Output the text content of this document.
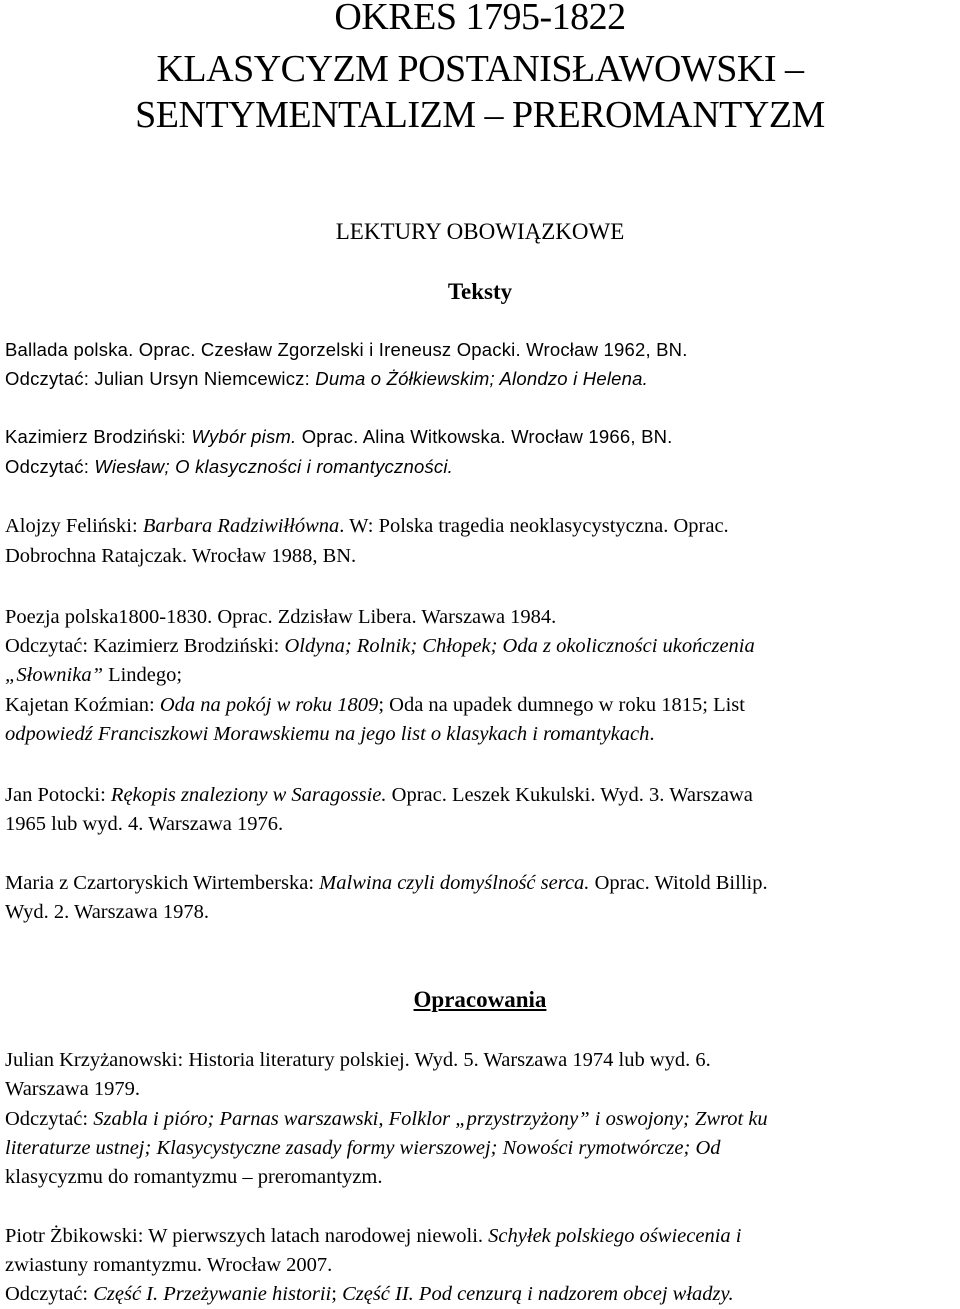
OKRES 1795-1822
KLASYCYZM POSTANISŁAWOWSKI –
SENTYMENTALIZM – PREROMANTYZM
LEKTURY OBOWIĄZKOWE
Teksty
Ballada polska. Oprac. Czesław Zgorzelski i Ireneusz Opacki. Wrocław 1962, BN.
Odczytać: Julian Ursyn Niemcewicz: Duma o Żółkiewskim; Alondzo i Helena.
Kazimierz Brodziński: Wybór pism. Oprac. Alina Witkowska. Wrocław 1966, BN.
Odczytać: Wiesław; O klasyczności i romantyczności.
Alojzy Feliński: Barbara Radziwiłłówna. W: Polska tragedia neoklasycystyczna. Oprac.
Dobrochna Ratajczak. Wrocław 1988, BN.
Poezja polska1800-1830. Oprac. Zdzisław Libera. Warszawa 1984.
Odczytać: Kazimierz Brodziński: Oldyna; Rolnik; Chłopek; Oda z okoliczności ukończenia
„Słownika” Lindego;
Kajetan Koźmian: Oda na pokój w roku 1809; Oda na upadek dumnego w roku 1815; List
odpowiedź Franciszkowi Morawskiemu na jego list o klasykach i romantykach.
Jan Potocki: Rękopis znaleziony w Saragossie. Oprac. Leszek Kukulski. Wyd. 3. Warszawa
1965 lub wyd. 4. Warszawa 1976.
Maria z Czartoryskich Wirtemberska: Malwina czyli domyślność serca. Oprac. Witold Billip.
Wyd. 2. Warszawa 1978.
Opracowania
Julian Krzyżanowski: Historia literatury polskiej. Wyd. 5. Warszawa 1974 lub wyd. 6.
Warszawa 1979.
Odczytać: Szabla i pióro; Parnas warszawski, Folklor „przystrzyżony” i oswojony; Zwrot ku
literaturze ustnej; Klasycystyczne zasady formy wierszowej; Nowości rymotwórcze; Od
klasycyzmu do romantyzmu – preromantyzm.
Piotr Żbikowski: W pierwszych latach narodowej niewoli. Schyłek polskiego oświecenia i
zwiastuny romantyzmu. Wrocław 2007.
Odczytać: Część I. Przeżywanie historii; Część II. Pod cenzurą i nadzorem obcej władzy.
